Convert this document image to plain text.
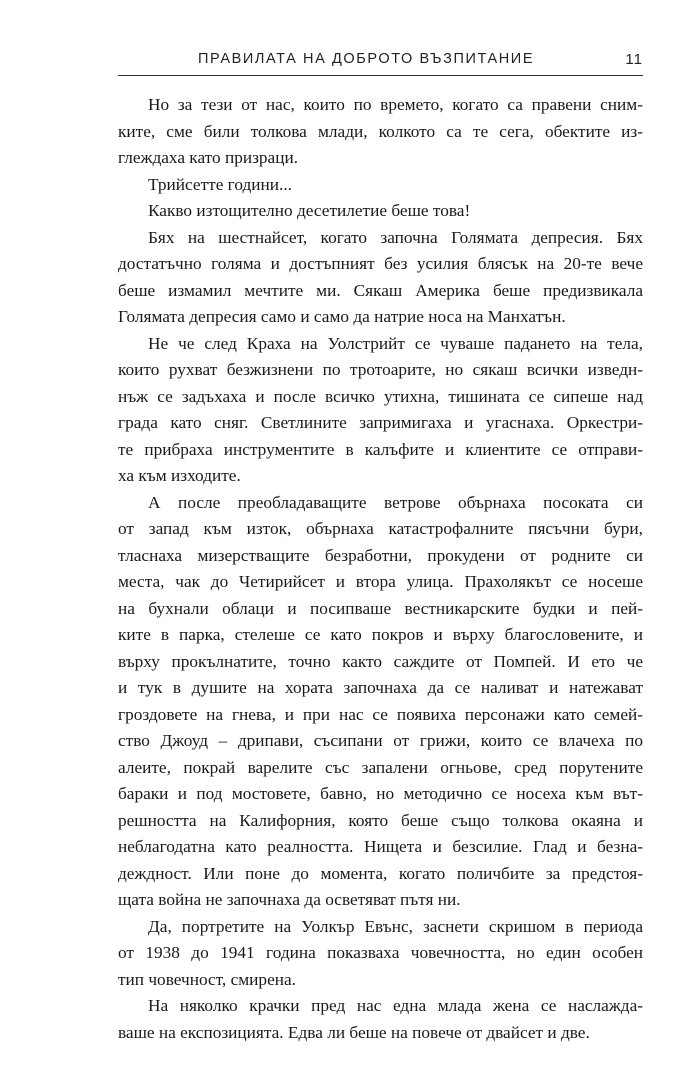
ПРАВИЛАТА НА ДОБРОТО ВЪЗПИТАНИЕ	11
Но за тези от нас, които по времето, когато са правени сним-
ките, сме били толкова млади, колкото са те сега, обектите из-
глеждаха като призраци.
Трийсетте години...
Какво изтощително десетилетие беше това!
Бях на шестнайсет, когато започна Голямата депресия. Бях
достатъчно голяма и достъпният без усилия блясък на 20-те вече
беше измамил мечтите ми. Сякаш Америка беше предизвикала
Голямата депресия само и само да натрие носа на Манхатън.
Не че след Краха на Уолстрийт се чуваше падането на тела,
които рухват безжизнени по тротоарите, но сякаш всички изведн-
нъж се задъхаха и после всичко утихна, тишината се сипеше над
града като сняг. Светлините запримигаха и угаснаха. Оркестри-
те прибраха инструментите в калъфите и клиентите се отправи-
ха към изходите.
А после преобладаващите ветрове обърнаха посоката си
от запад към изток, обърнаха катастрофалните пясъчни бури,
тласнаха мизерстващите безработни, прокудени от родните си
места, чак до Четирийсет и втора улица. Прахолякът се носеше
на бухнали облаци и посипваше вестникарските будки и пей-
ките в парка, стелеше се като покров и върху благословените, и
върху прокълнатите, точно както саждите от Помпей. И ето че
и тук в душите на хората започнаха да се наливат и натежават
гроздовете на гнева, и при нас се появиха персонажи като семей-
ство Джоуд – дрипави, съсипани от грижи, които се влачеха по
алеите, покрай варелите със запалени огньове, сред порутените
бараки и под мостовете, бавно, но методично се носеха към вът-
решността на Калифорния, която беше също толкова окаяна и
неблагодатна като реалността. Нищета и безсилие. Глад и безна-
деждност. Или поне до момента, когато поличбите за предстоя-
щата война не започнаха да осветяват пътя ни.
Да, портретите на Уолкър Евънс, заснети скришом в периода
от 1938 до 1941 година показваха човечността, но един особен
тип човечност, смирена.
На няколко крачки пред нас една млада жена се наслажда-
ваше на експозицията. Едва ли беше на повече от двайсет и две.
